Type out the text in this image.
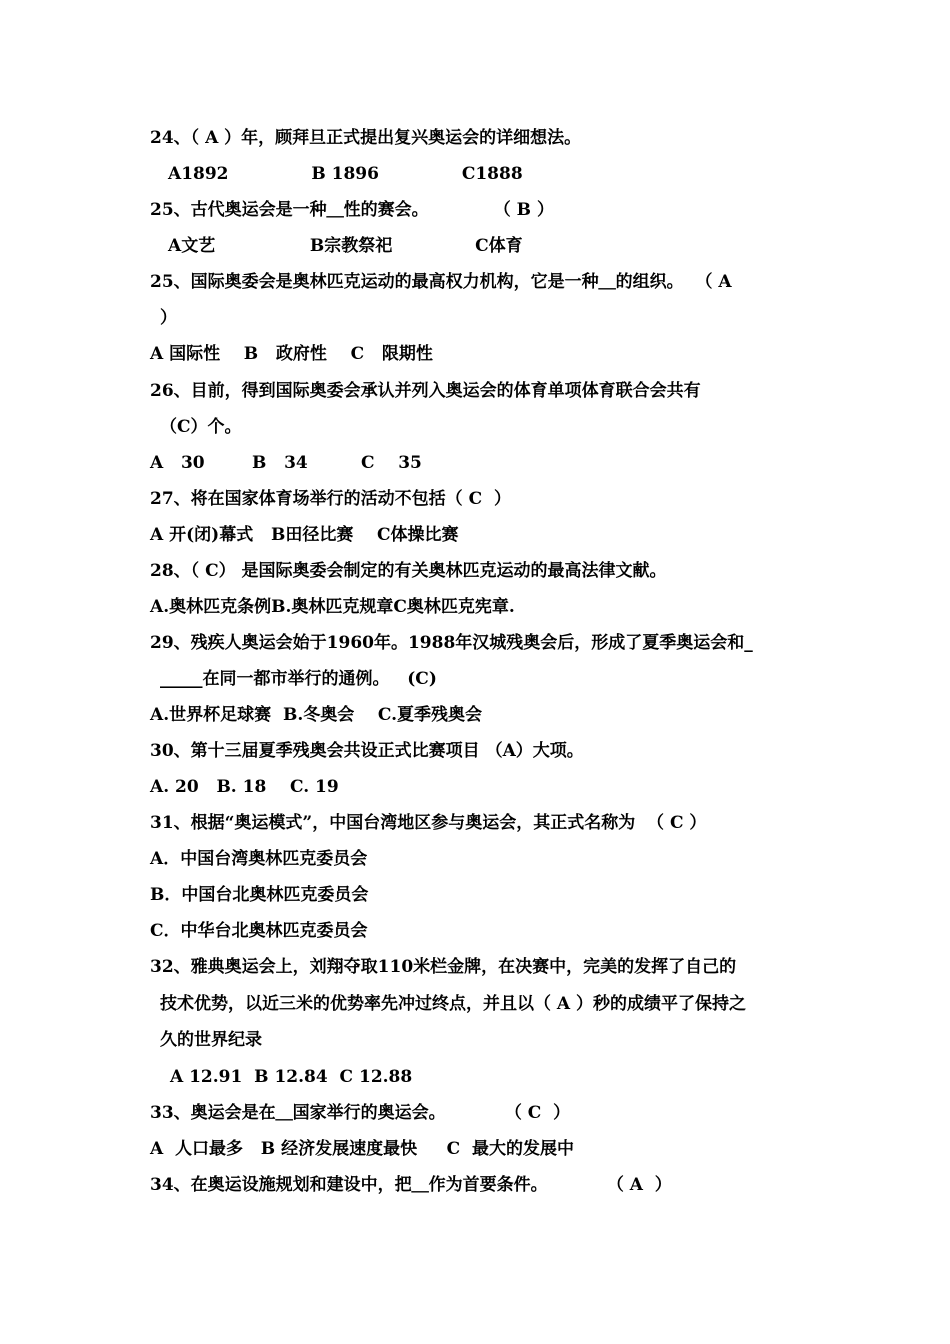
24、（ A ）年，顾拜旦正式提出复兴奥运会的详细想法。
A1892              B 1896              C1888
25、古代奥运会是一种＿性的赛会。           （ B ）
A文艺                B宗教祭祀              C体育
25、国际奥委会是奥林匹克运动的最高权力机构，它是一种＿的组织。  （ A
）
A 国际性    B   政府性    C   限期性
26、目前，得到国际奥委会承认并列入奥运会的体育单项体育联合会共有
（C）个。
A   30        B   34         C    35
27、将在国家体育场举行的活动不包括（ C  ）
A 开(闭)幕式   B田径比赛    C体操比赛
28、（ C） 是国际奥委会制定的有关奥林匹克运动的最高法律文献。
A.奥林匹克条例B.奥林匹克规章C奥林匹克宪章.
29、残疾人奥运会始于1960年。1988年汉城残奥会后，形成了夏季奥运会和_
_____在同一都市举行的通例。   (C)
A.世界杯足球赛  B.冬奥会    C.夏季残奥会
30、第十三届夏季残奥会共设正式比赛项目 （A）大项。
A. 20   B. 18    C. 19
31、根据“奥运模式”，中国台湾地区参与奥运会，其正式名称为  （ C ）
A．中国台湾奥林匹克委员会
B．中国台北奥林匹克委员会
C．中华台北奥林匹克委员会
32、雅典奥运会上，刘翔夺取110米栏金牌，在决赛中，完美的发挥了自己的
技术优势，以近三米的优势率先冲过终点，并且以（ A ）秒的成绩平了保持之
久的世界纪录
A 12.91  B 12.84  C 12.88
33、奥运会是在＿国家举行的奥运会。          （ C  ）
A  人口最多   B 经济发展速度最快     C  最大的发展中
34、在奥运设施规划和建设中，把＿作为首要条件。          （ A  ）
